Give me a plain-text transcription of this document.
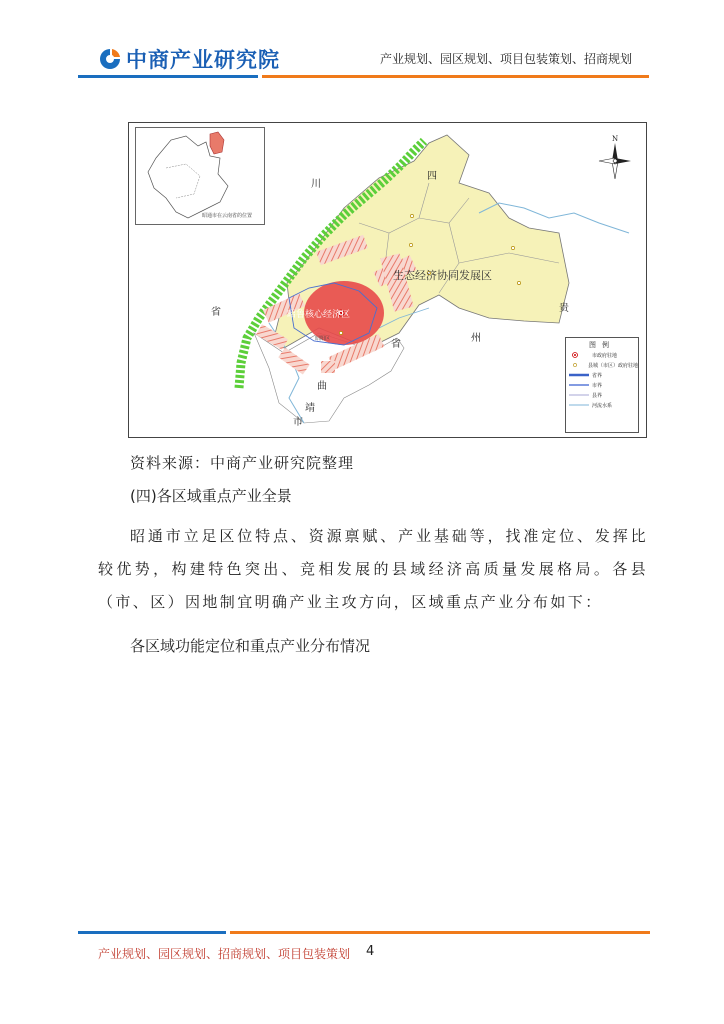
中商产业研究院	产业规划、园区规划、项目包装策划、招商规划
昭通市在云南省的位置
川
四
省	贵
州
省
曲
靖
市
生态经济协同发展区
昭鲁核心经济区
昭阳区
N
图例
市政府驻地
县城（市区）政府驻地
省界
市界
县界
河流水系
资料来源：中商产业研究院整理
(四)各区域重点产业全景
昭通市立足区位特点、资源禀赋、产业基础等，找准定位、发挥比较优势，构建特色突出、竞相发展的县域经济高质量发展格局。各县（市、区）因地制宜明确产业主攻方向，区域重点产业分布如下：
各区域功能定位和重点产业分布情况
产业规划、园区规划、招商规划、项目包装策划 4
